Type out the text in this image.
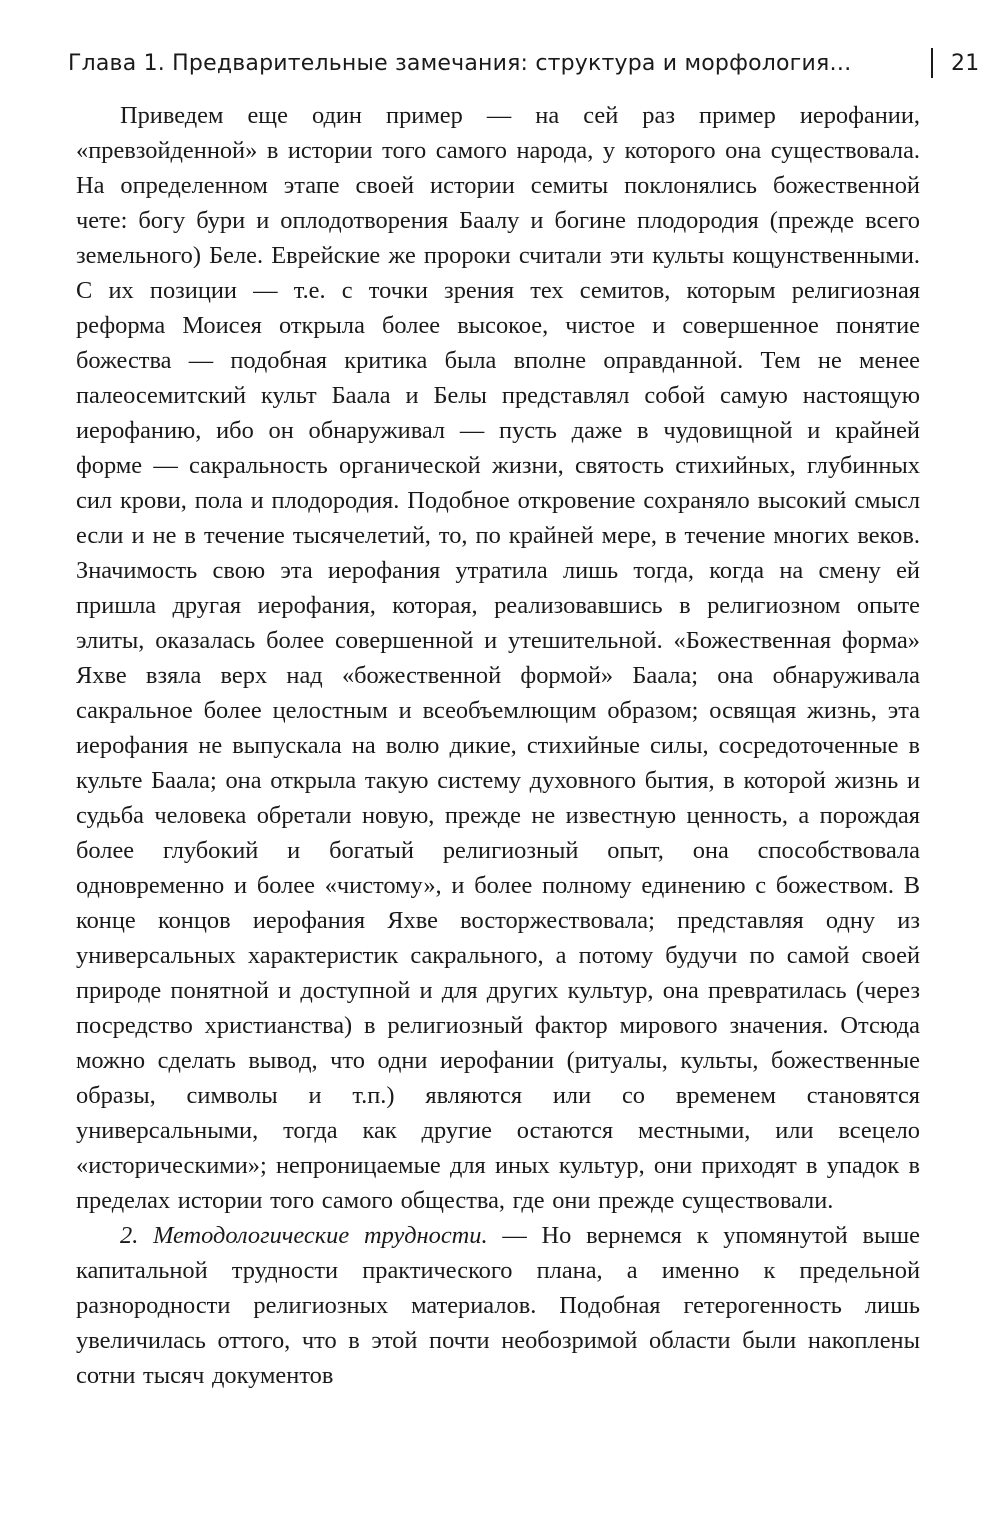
Глава 1. Предварительные замечания: структура и морфология…	21

Приведем еще один пример — на сей раз пример иерофании, «превзойденной» в истории того самого народа, у которого она существовала. На определенном этапе своей истории семиты поклонялись божественной чете: богу бури и оплодотворения Баалу и богине плодородия (прежде всего земельного) Беле. Еврейские же пророки считали эти культы кощунственными. С их позиции — т.е. с точки зрения тех семитов, которым религиозная реформа Моисея открыла более высокое, чистое и совершенное понятие божества — подобная критика была вполне оправданной. Тем не менее палеосемитский культ Баала и Белы представлял собой самую настоящую иерофанию, ибо он обнаруживал — пусть даже в чудовищной и крайней форме — сакральность органической жизни, святость стихийных, глубинных сил крови, пола и плодородия. Подобное откровение сохраняло высокий смысл если и не в течение тысячелетий, то, по крайней мере, в течение многих веков. Значимость свою эта иерофания утратила лишь тогда, когда на смену ей пришла другая иерофания, которая, реализовавшись в религиозном опыте элиты, оказалась более совершенной и утешительной. «Божественная форма» Яхве взяла верх над «божественной формой» Баала; она обнаруживала сакральное более целостным и всеобъемлющим образом; освящая жизнь, эта иерофания не выпускала на волю дикие, стихийные силы, сосредоточенные в культе Баала; она открыла такую систему духовного бытия, в которой жизнь и судьба человека обретали новую, прежде не известную ценность, а порождая более глубокий и богатый религиозный опыт, она способствовала одновременно и более «чистому», и более полному единению с божеством. В конце концов иерофания Яхве восторжествовала; представляя одну из универсальных характеристик сакрального, а потому будучи по самой своей природе понятной и доступной и для других культур, она превратилась (через посредство христианства) в религиозный фактор мирового значения. Отсюда можно сделать вывод, что одни иерофании (ритуалы, культы, божественные образы, символы и т.п.) являются или со временем становятся универсальными, тогда как другие остаются местными, или всецело «историческими»; непроницаемые для иных культур, они приходят в упадок в пределах истории того самого общества, где они прежде существовали.

2. Методологические трудности. — Но вернемся к упомянутой выше капитальной трудности практического плана, а именно к предельной разнородности религиозных материалов. Подобная гетерогенность лишь увеличилась оттого, что в этой почти необозримой области были накоплены сотни тысяч документов
